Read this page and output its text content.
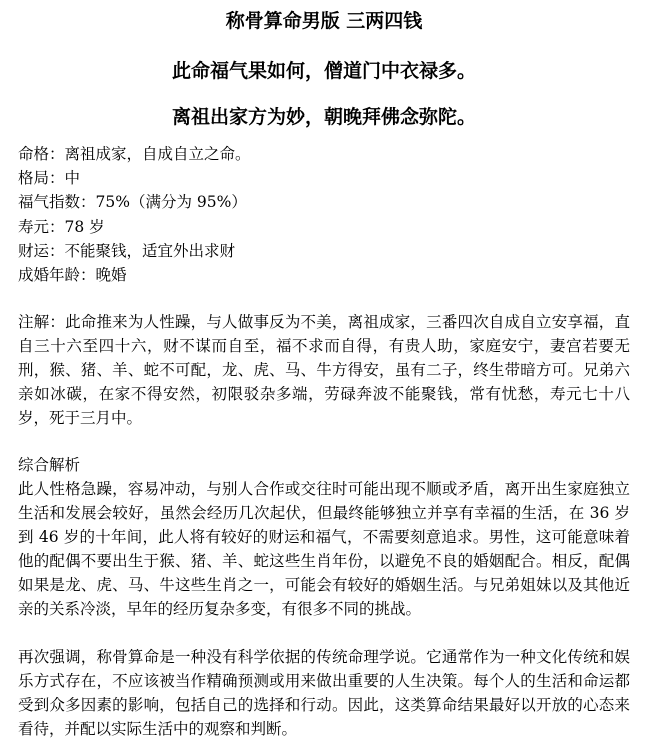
称骨算命男版 三两四钱

此命福气果如何，僧道门中衣禄多。

离祖出家方为妙，朝晚拜佛念弥陀。

命格：离祖成家，自成自立之命。
格局：中
福气指数：75%（满分为 95%）
寿元：78 岁
财运：不能聚钱，适宜外出求财
成婚年龄：晚婚

注解：此命推来为人性躁，与人做事反为不美，离祖成家，三番四次自成自立安享福，直自三十六至四十六，财不谋而自至，福不求而自得，有贵人助，家庭安宁，妻宫若要无刑，猴、猪、羊、蛇不可配，龙、虎、马、牛方得安，虽有二子，终生带暗方可。兄弟六亲如冰碳，在家不得安然，初限驳杂多端，劳碌奔波不能聚钱，常有忧愁，寿元七十八岁，死于三月中。

综合解析

此人性格急躁，容易冲动，与别人合作或交往时可能出现不顺或矛盾，离开出生家庭独立生活和发展会较好，虽然会经历几次起伏，但最终能够独立并享有幸福的生活，在 36 岁到 46 岁的十年间，此人将有较好的财运和福气，不需要刻意追求。男性，这可能意味着他的配偶不要出生于猴、猪、羊、蛇这些生肖年份，以避免不良的婚姻配合。相反，配偶如果是龙、虎、马、牛这些生肖之一，可能会有较好的婚姻生活。与兄弟姐妹以及其他近亲的关系冷淡，早年的经历复杂多变，有很多不同的挑战。

再次强调，称骨算命是一种没有科学依据的传统命理学说。它通常作为一种文化传统和娱乐方式存在，不应该被当作精确预测或用来做出重要的人生决策。每个人的生活和命运都受到众多因素的影响，包括自己的选择和行动。因此，这类算命结果最好以开放的心态来看待，并配以实际生活中的观察和判断。
